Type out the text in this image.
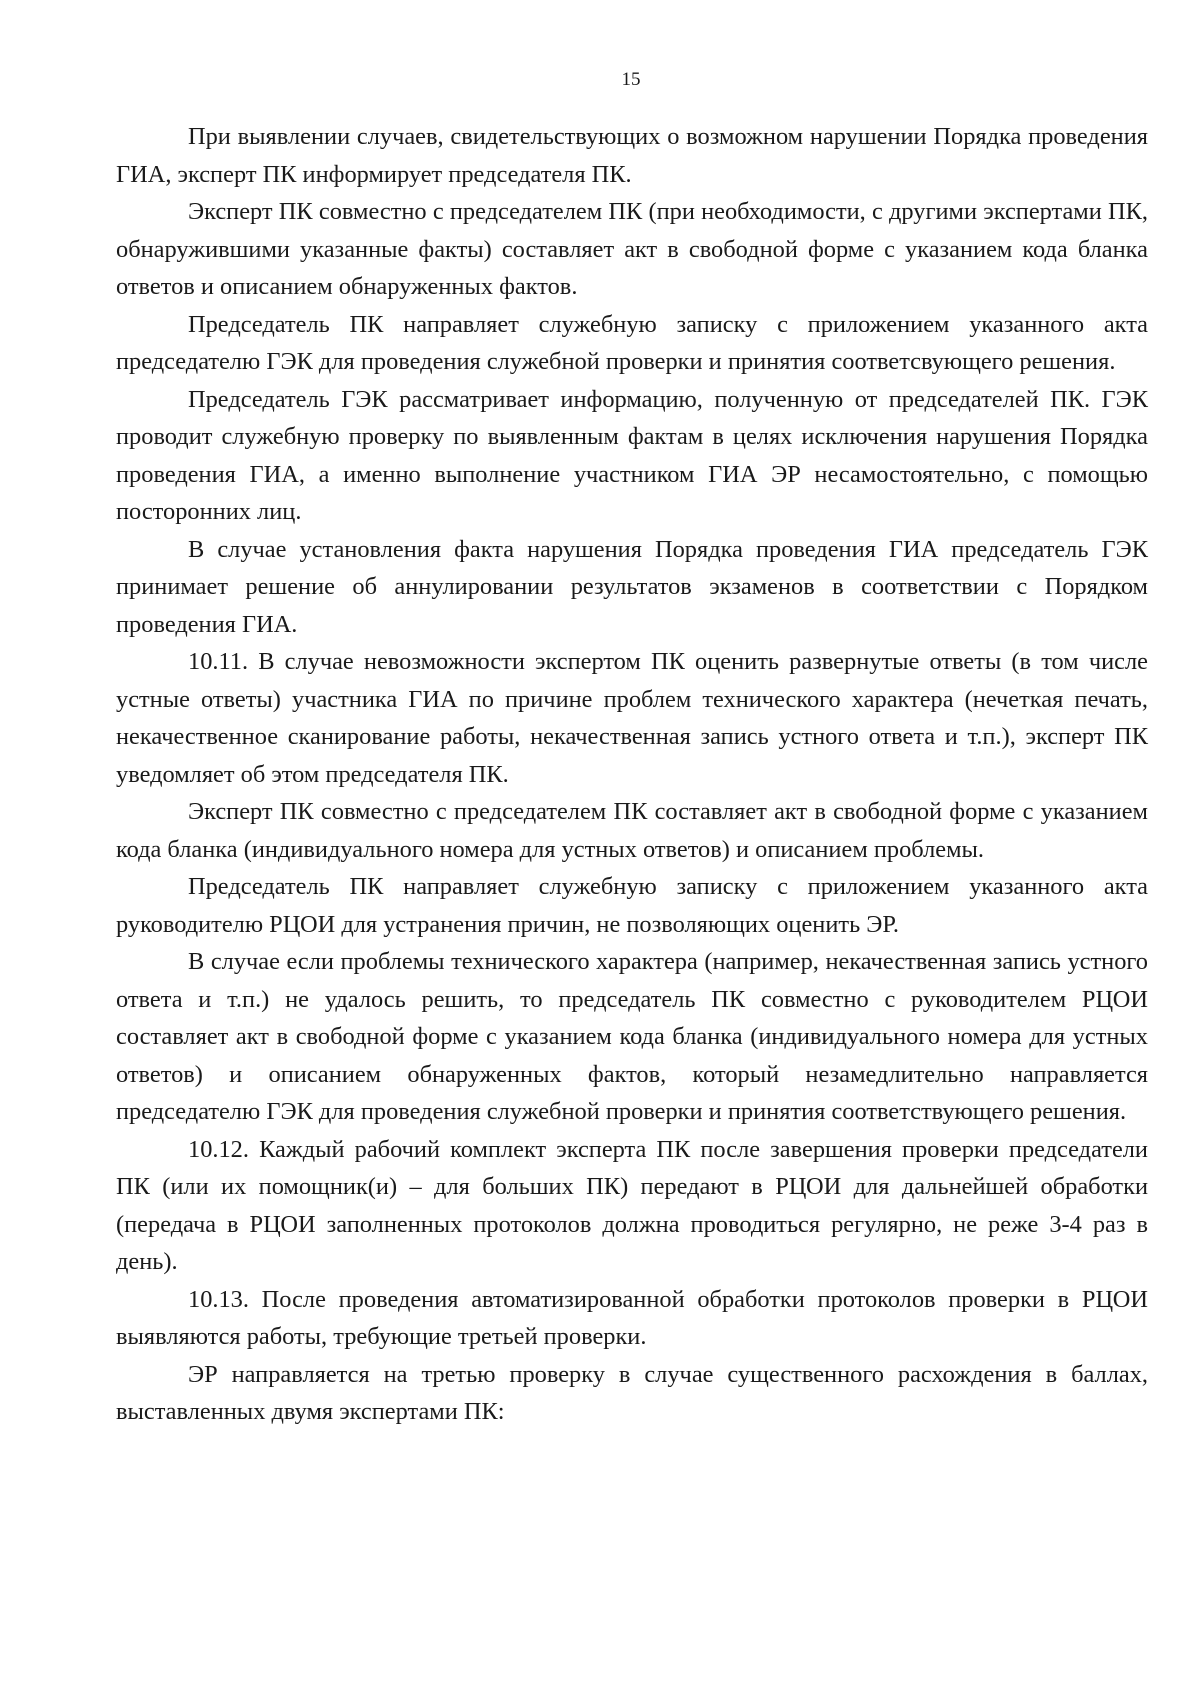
15

При выявлении случаев, свидетельствующих о возможном нарушении Порядка проведения ГИА, эксперт ПК информирует председателя ПК.

Эксперт ПК совместно с председателем ПК (при необходимости, с другими экспертами ПК, обнаружившими указанные факты) составляет акт в свободной форме с указанием кода бланка ответов и описанием обнаруженных фактов.

Председатель ПК направляет служебную записку с приложением указанного акта председателю ГЭК для проведения служебной проверки и принятия соответсвующего решения.

Председатель ГЭК рассматривает информацию, полученную от председателей ПК. ГЭК проводит служебную проверку по выявленным фактам в целях исключения нарушения Порядка проведения ГИА, а именно выполнение участником ГИА ЭР несамостоятельно, с помощью посторонних лиц.

В случае установления факта нарушения Порядка проведения ГИА председатель ГЭК принимает решение об аннулировании результатов экзаменов в соответствии с Порядком проведения ГИА.

10.11. В случае невозможности экспертом ПК оценить развернутые ответы (в том числе устные ответы) участника ГИА по причине проблем технического характера (нечеткая печать, некачественное сканирование работы, некачественная запись устного ответа и т.п.), эксперт ПК уведомляет об этом председателя ПК.

Эксперт ПК совместно с председателем ПК составляет акт в свободной форме с указанием кода бланка (индивидуального номера для устных ответов) и описанием проблемы.

Председатель ПК направляет служебную записку с приложением указанного акта руководителю РЦОИ для устранения причин, не позволяющих оценить ЭР.

В случае если проблемы технического характера (например, некачественная запись устного ответа и т.п.) не удалось решить, то председатель ПК совместно с руководителем РЦОИ составляет акт в свободной форме с указанием кода бланка (индивидуального номера для устных ответов) и описанием обнаруженных фактов, который незамедлительно направляется председателю ГЭК для проведения служебной проверки и принятия соответствующего решения.

10.12. Каждый рабочий комплект эксперта ПК после завершения проверки председатели ПК (или их помощник(и) – для больших ПК) передают в РЦОИ для дальнейшей обработки (передача в РЦОИ заполненных протоколов должна проводиться регулярно, не реже 3-4 раз в день).

10.13. После проведения автоматизированной обработки протоколов проверки в РЦОИ выявляются работы, требующие третьей проверки.

ЭР направляется на третью проверку в случае существенного расхождения в баллах, выставленных двумя экспертами ПК:
